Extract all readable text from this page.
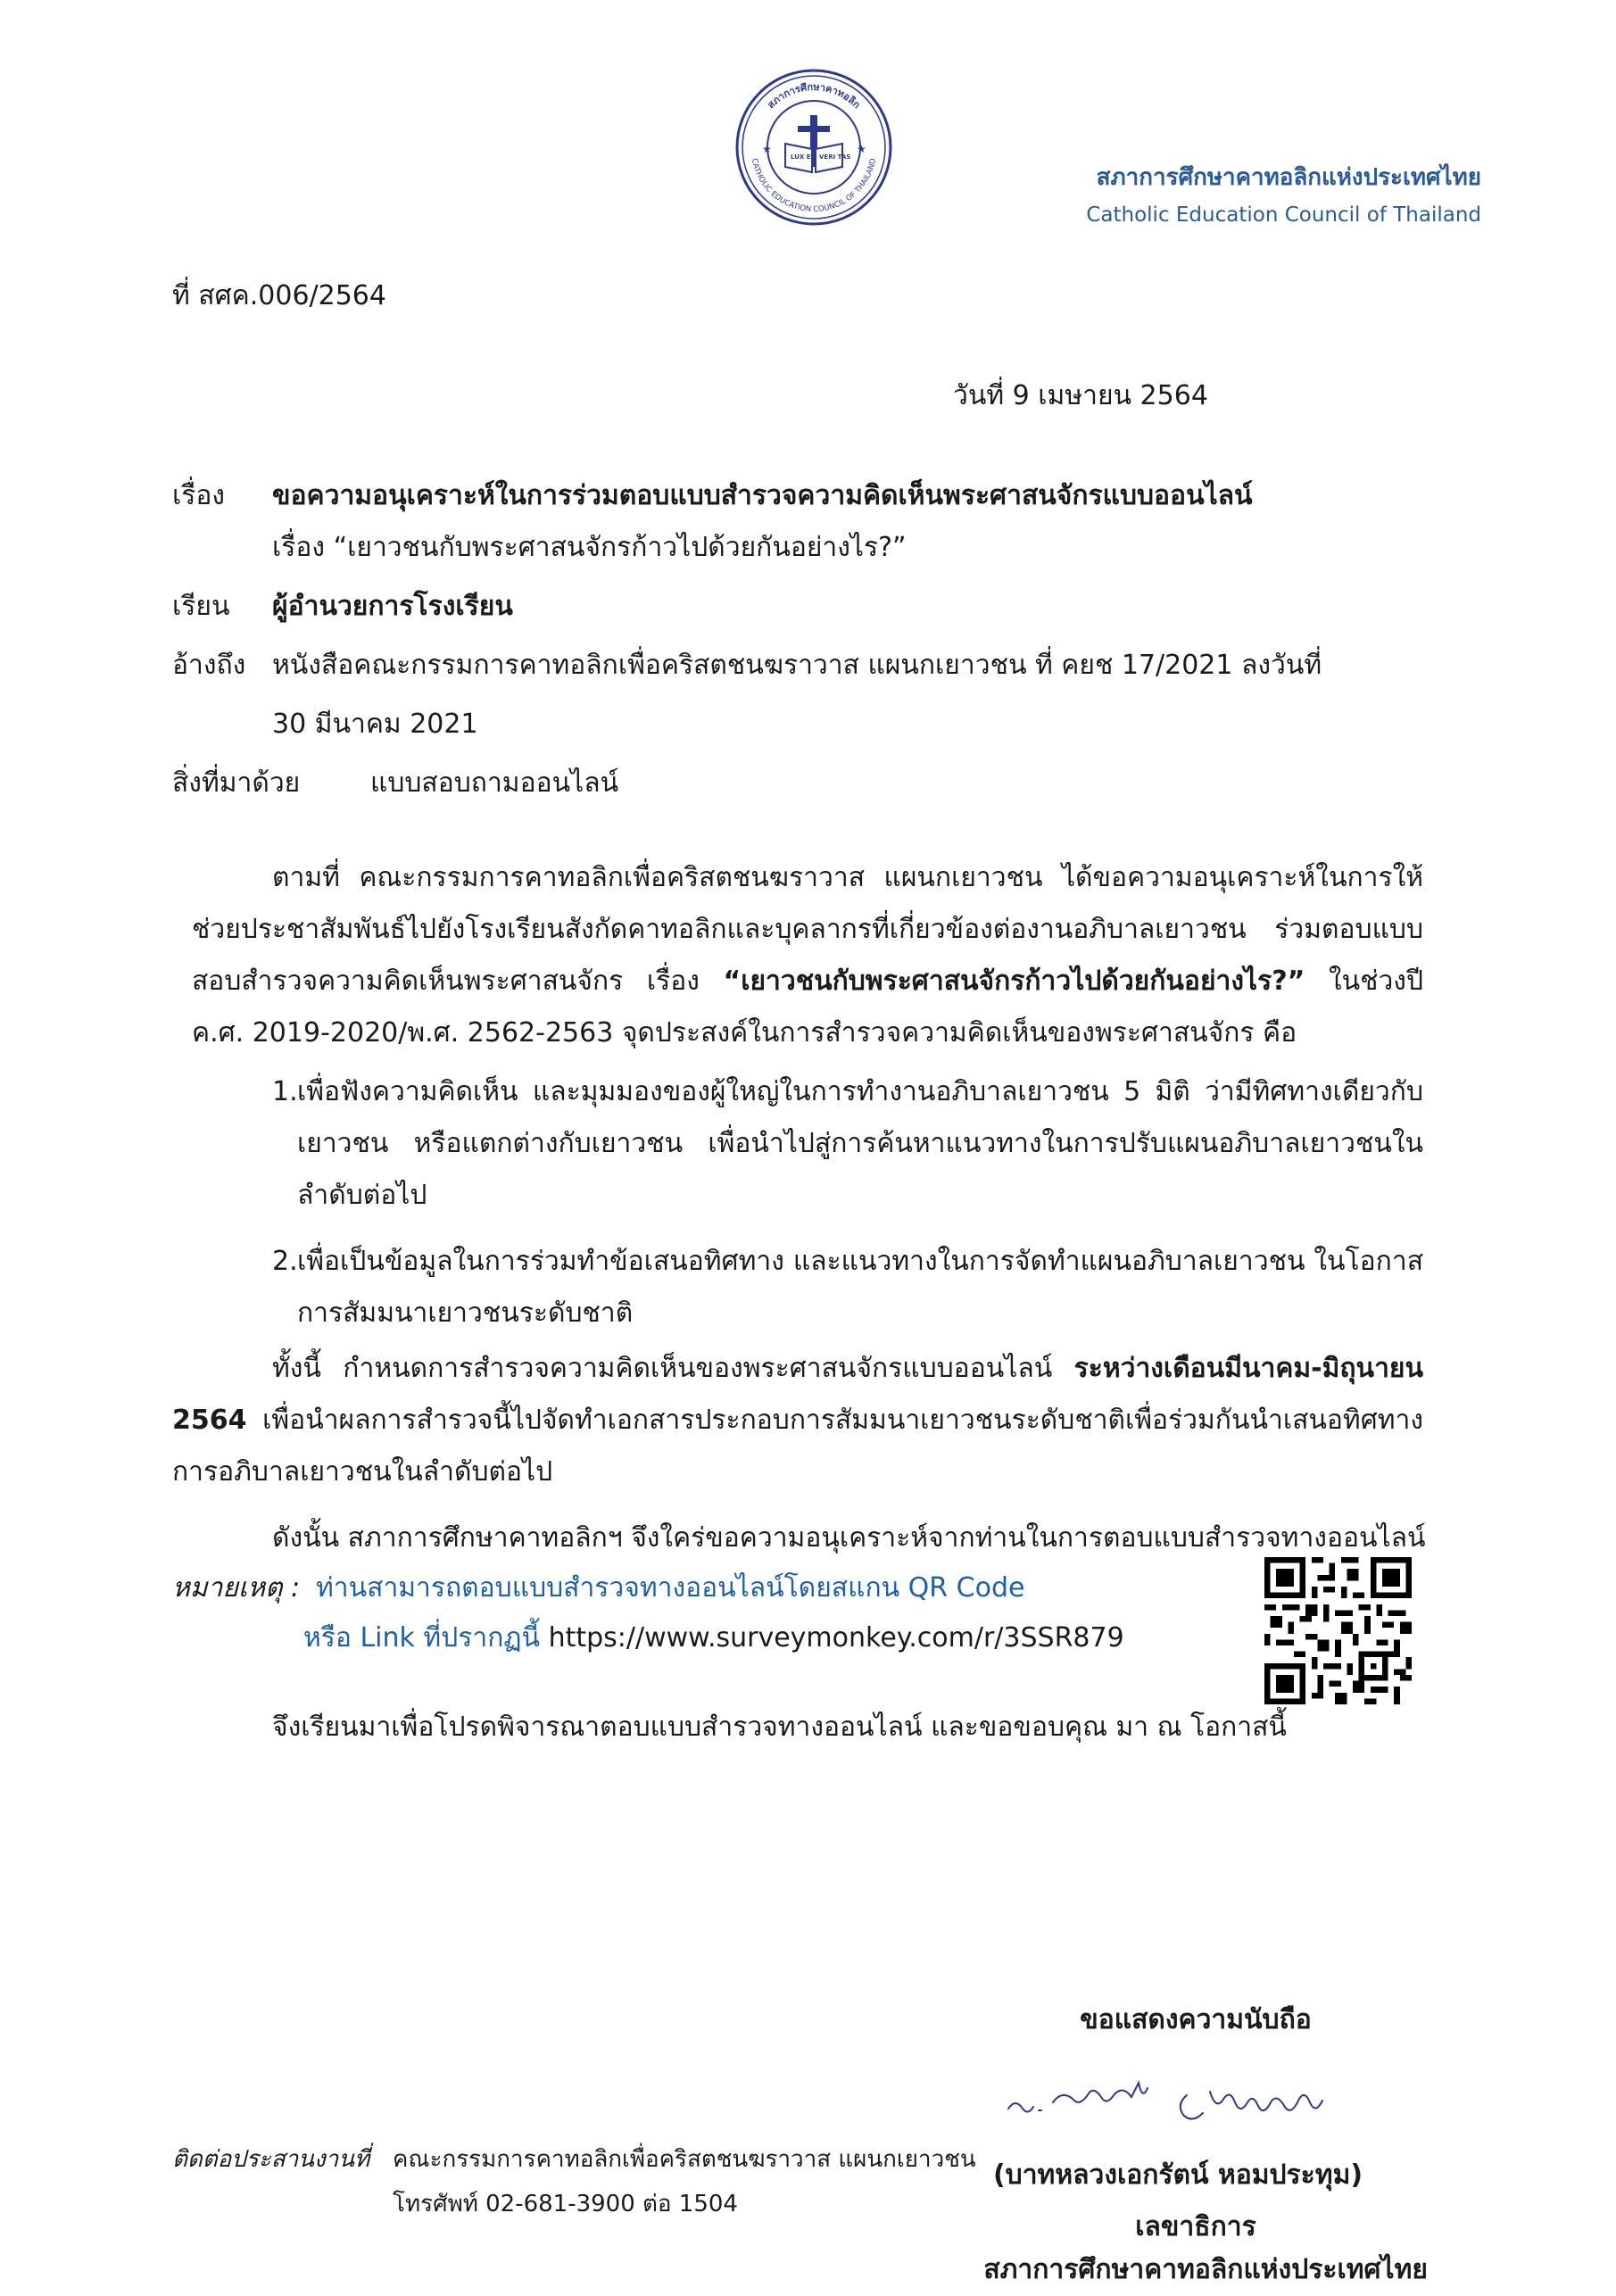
สภาการศึกษาคาทอลิก
CATHOLIC EDUCATION COUNCIL OF THAILAND
★	★
LUX ET VERI TAS
สภาการศึกษาคาทอลิกแห่งประเทศไทย
Catholic Education Council of Thailand
ที่ สศค.006/2564
วันที่ 9 เมษายน 2564
เรื่อง ขอความอนุเคราะห์ในการร่วมตอบแบบสำรวจความคิดเห็นพระศาสนจักรแบบออนไลน์
เรื่อง “เยาวชนกับพระศาสนจักรก้าวไปด้วยกันอย่างไร?”
เรียน ผู้อำนวยการโรงเรียน
อ้างถึง หนังสือคณะกรรมการคาทอลิกเพื่อคริสตชนฆราวาส แผนกเยาวชน ที่ คยช 17/2021 ลงวันที่
30 มีนาคม 2021
สิ่งที่มาด้วย	แบบสอบถามออนไลน์
ตามที่ คณะกรรมการคาทอลิกเพื่อคริสตชนฆราวาส แผนกเยาวชน ได้ขอความอนุเคราะห์ในการให้ช่วยประชาสัมพันธ์ไปยังโรงเรียนสังกัดคาทอลิกและบุคลากรที่เกี่ยวข้องต่องานอภิบาลเยาวชน ร่วมตอบแบบสอบสำรวจความคิดเห็นพระศาสนจักร เรื่อง “เยาวชนกับพระศาสนจักรก้าวไปด้วยกันอย่างไร?” ในช่วงปี ค.ศ. 2019-2020/พ.ศ. 2562-2563 จุดประสงค์ในการสำรวจความคิดเห็นของพระศาสนจักร คือ
1. เพื่อฟังความคิดเห็น และมุมมองของผู้ใหญ่ในการทำงานอภิบาลเยาวชน 5 มิติ ว่ามีทิศทางเดียวกับเยาวชน หรือแตกต่างกับเยาวชน เพื่อนำไปสู่การค้นหาแนวทางในการปรับแผนอภิบาลเยาวชนในลำดับต่อไป
2. เพื่อเป็นข้อมูลในการร่วมทำข้อเสนอทิศทาง และแนวทางในการจัดทำแผนอภิบาลเยาวชน ในโอกาสการสัมมนาเยาวชนระดับชาติ
ทั้งนี้ กำหนดการสำรวจความคิดเห็นของพระศาสนจักรแบบออนไลน์ ระหว่างเดือนมีนาคม-มิถุนายน 2564 เพื่อนำผลการสำรวจนี้ไปจัดทำเอกสารประกอบการสัมมนาเยาวชนระดับชาติเพื่อร่วมกันนำเสนอทิศทางการอภิบาลเยาวชนในลำดับต่อไป
ดังนั้น สภาการศึกษาคาทอลิกฯ จึงใคร่ขอความอนุเคราะห์จากท่านในการตอบแบบสำรวจทางออนไลน์
หมายเหตุ : ท่านสามารถตอบแบบสำรวจทางออนไลน์โดยสแกน QR Code
หรือ Link ที่ปรากฏนี้ https://www.surveymonkey.com/r/3SSR879
จึงเรียนมาเพื่อโปรดพิจารณาตอบแบบสำรวจทางออนไลน์ และขอขอบคุณ มา ณ โอกาสนี้
ขอแสดงความนับถือ
(บาทหลวงเอกรัตน์ หอมประทุม)
เลขาธิการ
สภาการศึกษาคาทอลิกแห่งประเทศไทย
ติดต่อประสานงานที่ คณะกรรมการคาทอลิกเพื่อคริสตชนฆราวาส แผนกเยาวชน
โทรศัพท์ 02-681-3900 ต่อ 1504
